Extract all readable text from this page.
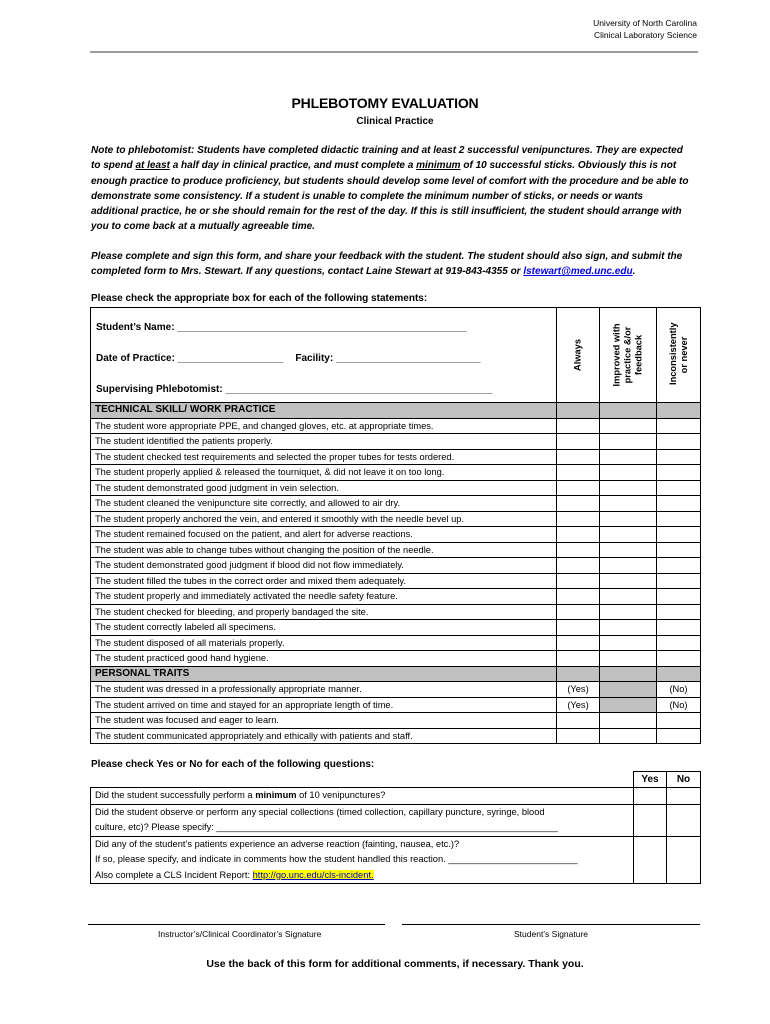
University of North Carolina
Clinical Laboratory Science
PHLEBOTOMY EVALUATION
Clinical Practice
Note to phlebotomist: Students have completed didactic training and at least 2 successful venipunctures. They are expected to spend at least a half day in clinical practice, and must complete a minimum of 10 successful sticks. Obviously this is not enough practice to produce proficiency, but students should develop some level of comfort with the procedure and be able to demonstrate some consistency. If a student is unable to complete the minimum number of sticks, or needs or wants additional practice, he or she should remain for the rest of the day. If this is still insufficient, the student should arrange with you to come back at a mutually agreeable time.
Please complete and sign this form, and share your feedback with the student. The student should also sign, and submit the completed form to Mrs. Stewart. If any questions, contact Laine Stewart at 919-843-4355 or lstewart@med.unc.edu.
Please check the appropriate box for each of the following statements:
Student’s Name: ____________________________________________________
Date of Practice: ___________________ Facility: __________________________
Supervising Phlebotomist: ________________________________________________	Always	Improved with practice &/or feedback	Inconsistently or never

TECHNICAL SKILL/ WORK PRACTICE			
The student wore appropriate PPE, and changed gloves, etc. at appropriate times.			
The student identified the patients properly.			
The student checked test requirements and selected the proper tubes for tests ordered.			
The student properly applied & released the tourniquet, & did not leave it on too long.			
The student demonstrated good judgment in vein selection.			
The student cleaned the venipuncture site correctly, and allowed to air dry.			
The student properly anchored the vein, and entered it smoothly with the needle bevel up.			
The student remained focused on the patient, and alert for adverse reactions.			
The student was able to change tubes without changing the position of the needle.			
The student demonstrated good judgment if blood did not flow immediately.			
The student filled the tubes in the correct order and mixed them adequately.			
The student properly and immediately activated the needle safety feature.			
The student checked for bleeding, and properly bandaged the site.			
The student correctly labeled all specimens.			
The student disposed of all materials properly.			
The student practiced good hand hygiene.			
PERSONAL TRAITS			
The student was dressed in a professionally appropriate manner.	(Yes)		(No)
The student arrived on time and stayed for an appropriate length of time.	(Yes)		(No)
The student was focused and eager to learn.			
The student communicated appropriately and ethically with patients and staff.			
Please check Yes or No for each of the following questions:
	Yes	No
Did the student successfully perform a minimum of 10 venipunctures?		

Did the student observe or perform any special collections (timed collection, capillary puncture, syringe, blood
culture, etc)? Please specify: __________________________________________________________________		

Did any of the student’s patients experience an adverse reaction (fainting, nausea, etc.)?
If so, please specify, and indicate in comments how the student handled this reaction. _________________________
Also complete a CLS Incident Report: http://go.unc.edu/cls-incident.		

Instructor’s/Clinical Coordinator’s Signature	Student’s Signature
Use the back of this form for additional comments, if necessary. Thank you.
